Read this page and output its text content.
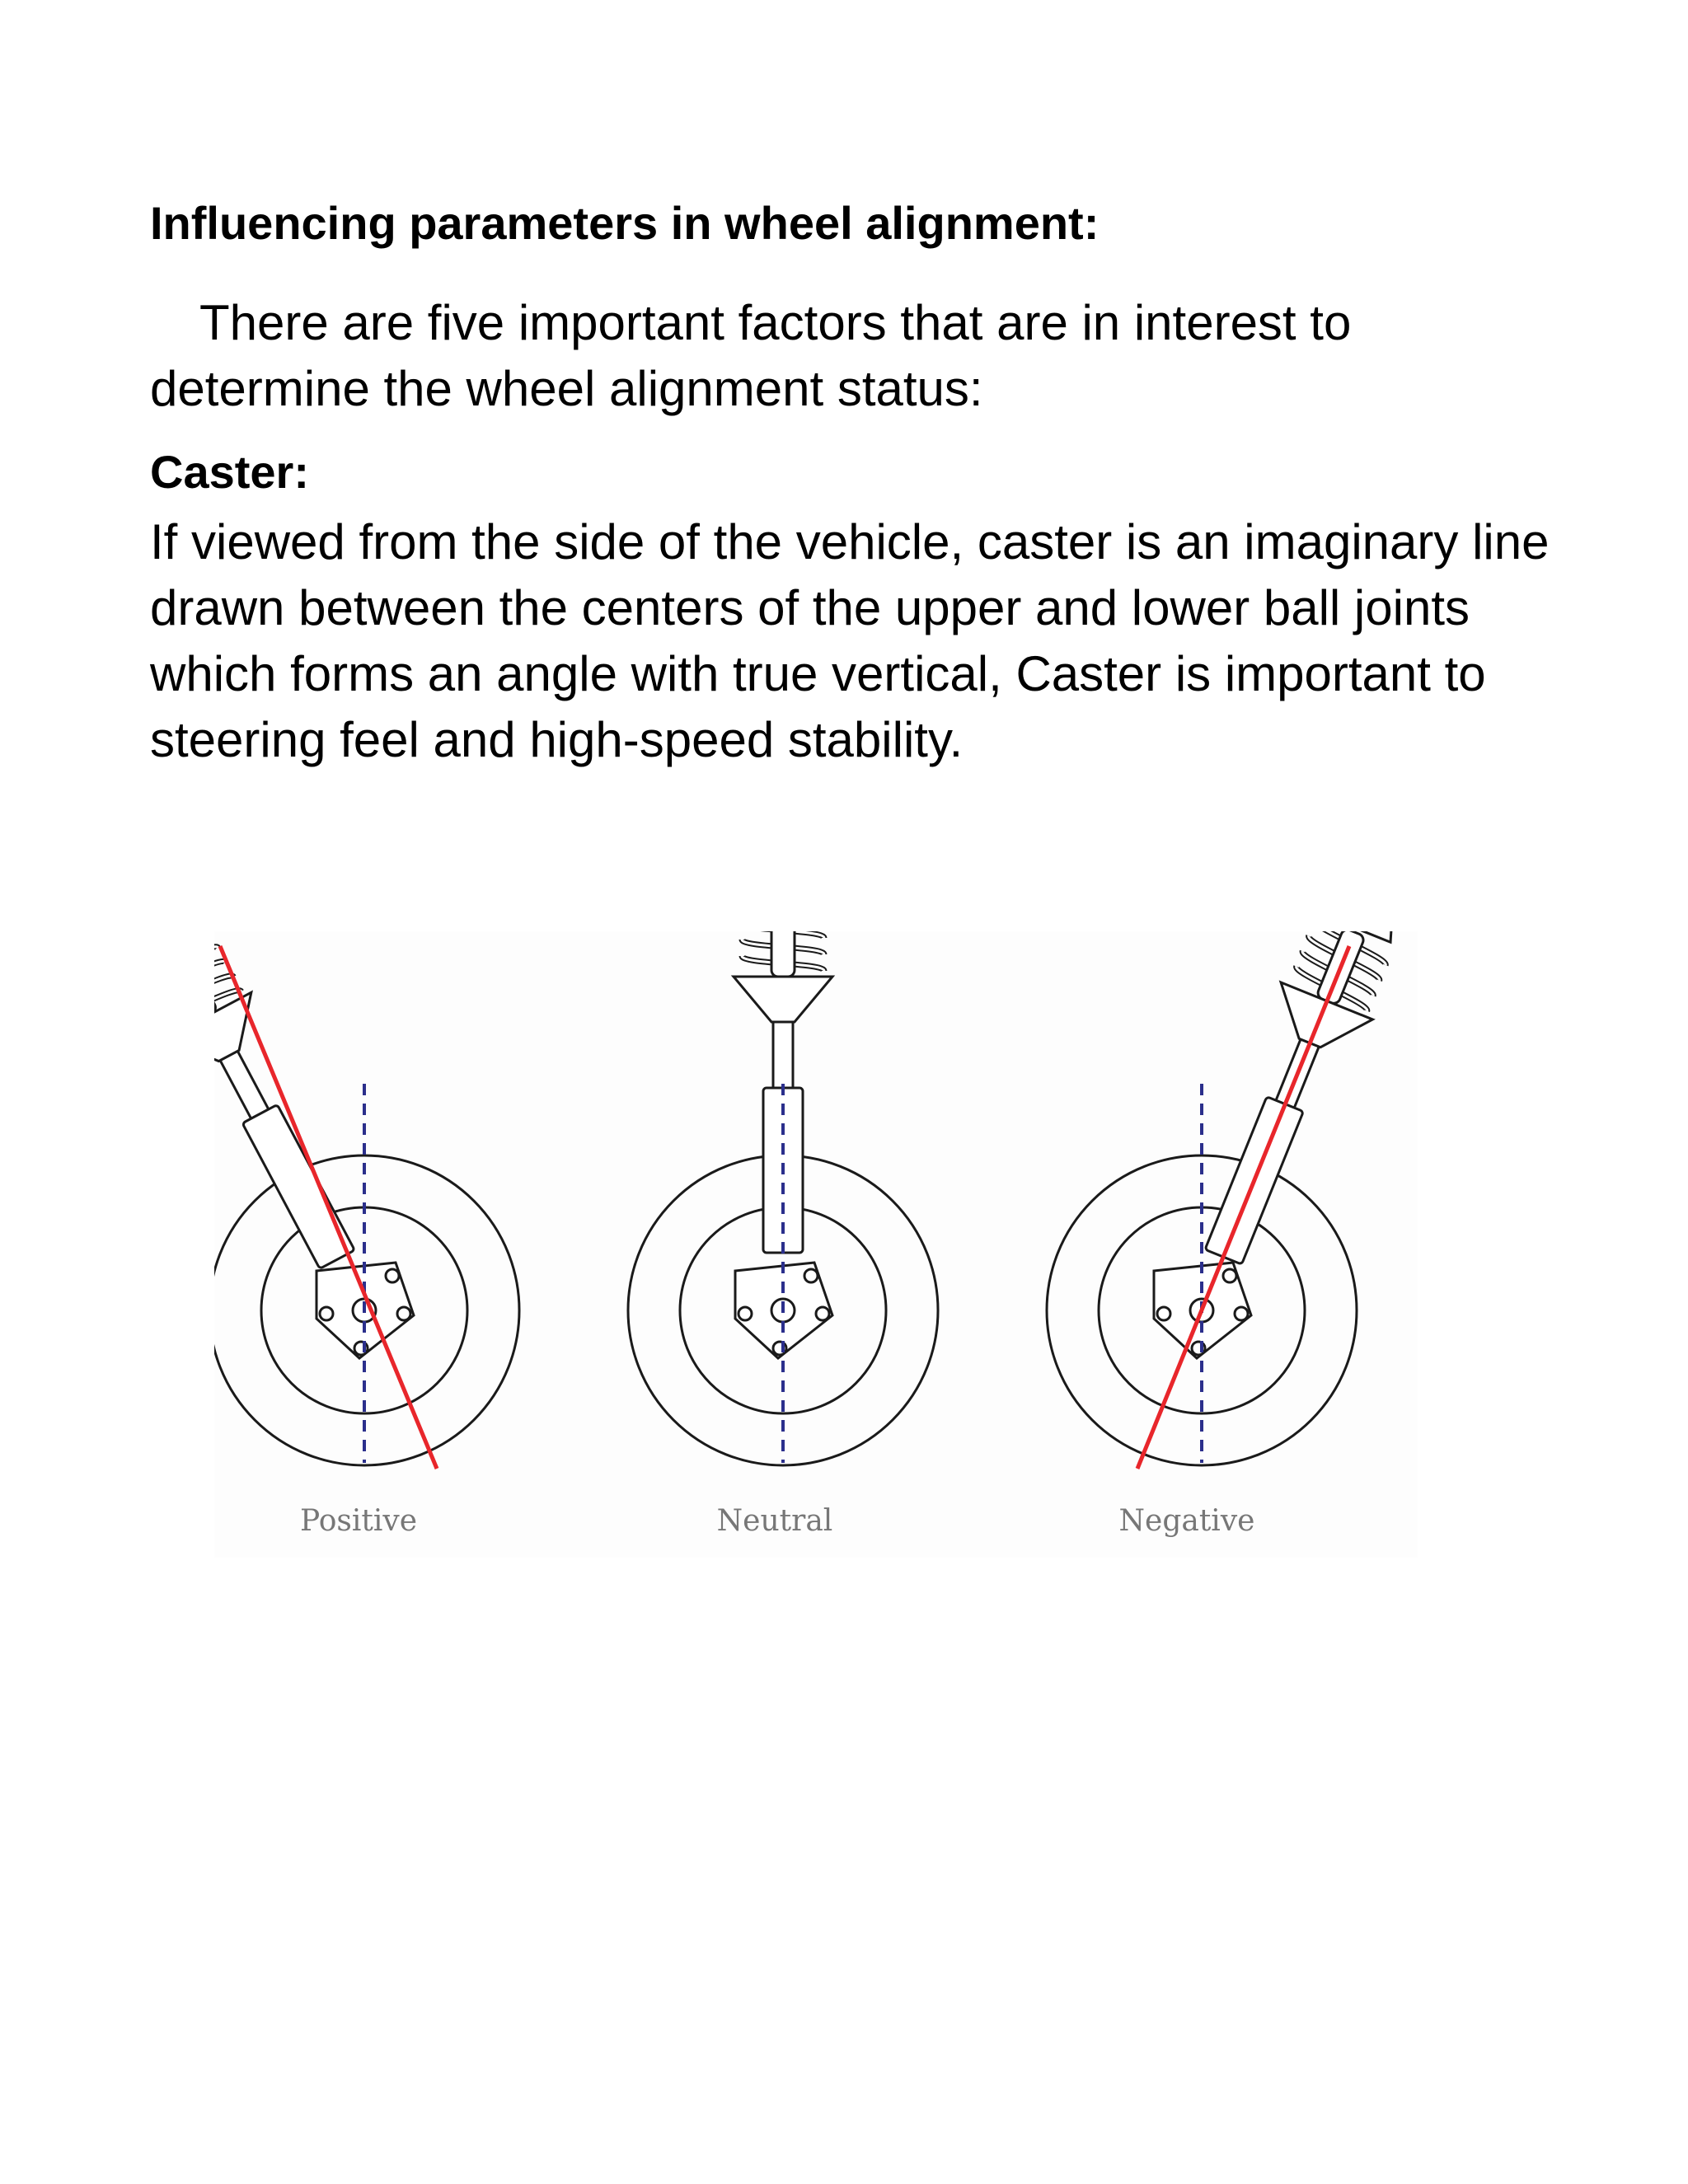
Influencing parameters in wheel alignment:

There are five important factors that are in interest to determine the wheel alignment status:

Caster:

If viewed from the side of the vehicle, caster is an imaginary line drawn between the centers of the upper and lower ball joints which forms an angle with true vertical, Caster is important to steering feel and high-speed stability.

Positive	Neutral	Negative
